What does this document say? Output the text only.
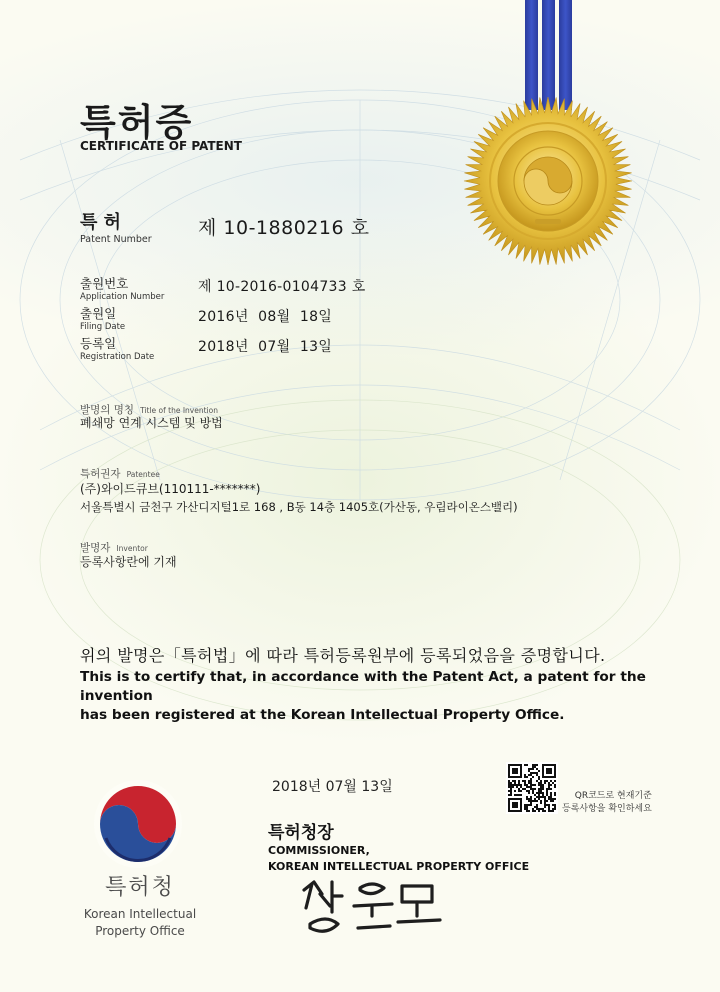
특허증
CERTIFICATE OF PATENT
특 허
Patent Number
제 10-1880216 호
출원번호
Application Number
제 10-2016-0104733 호
출원일
Filing Date
2016년  08월  18일
등록일
Registration Date
2018년  07월  13일
발명의 명칭 Title of the Invention
폐쇄망 연계 시스템 및 방법
특허권자 Patentee
(주)와이드큐브(110111-*******)
서울특별시 금천구 가산디지털1로 168 , B동 14층 1405호(가산동, 우림라이온스밸리)
발명자 Inventor
등록사항란에 기재
위의 발명은「특허법」에 따라 특허등록원부에 등록되었음을 증명합니다.
This is to certify that, in accordance with the Patent Act, a patent for the invention
has been registered at the Korean Intellectual Property Office.
2018년 07월 13일
QR코드로 현재기준
등록사항을 확인하세요
특허청장
COMMISSIONER,
KOREAN INTELLECTUAL PROPERTY OFFICE
특허청
Korean Intellectual
Property Office
